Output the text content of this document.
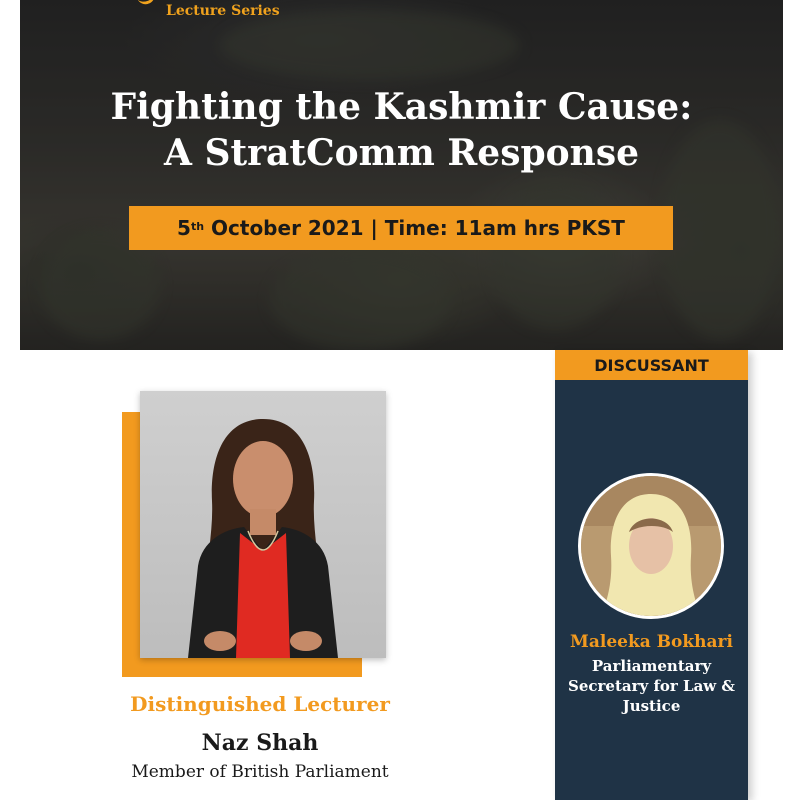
Lecture Series
Fighting the Kashmir Cause:
A StratComm Response
5th October 2021 | Time: 11am hrs PKST
Distinguished Lecturer
Naz Shah
Member of British Parliament
DISCUSSANT
Maleeka Bokhari
Parliamentary
Secretary for Law &
Justice
